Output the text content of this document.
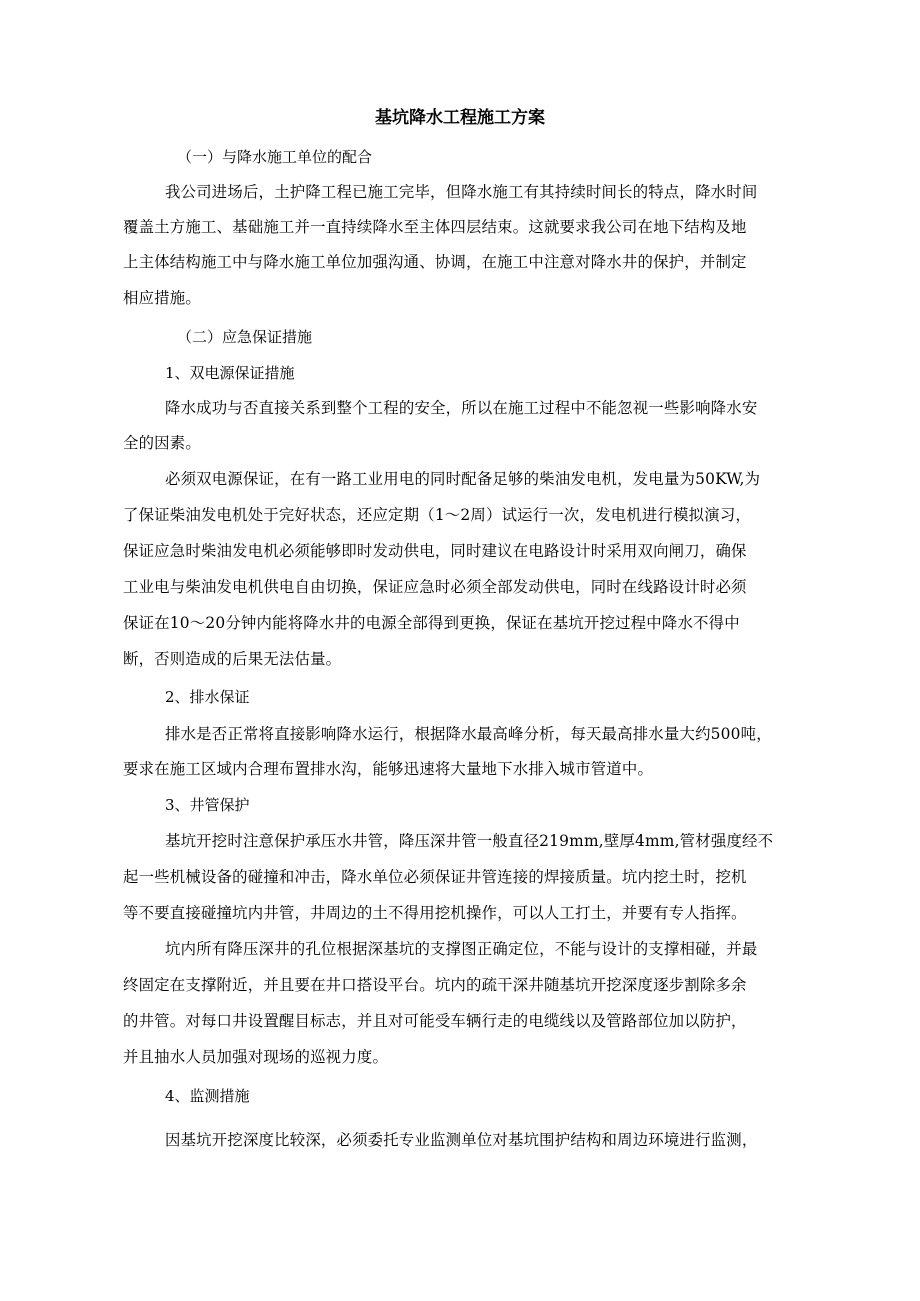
基坑降水工程施工方案
（一）与降水施工单位的配合
我公司进场后，土护降工程已施工完毕，但降水施工有其持续时间长的特点，降水时间
覆盖土方施工、基础施工并一直持续降水至主体四层结束。这就要求我公司在地下结构及地
上主体结构施工中与降水施工单位加强沟通、协调，在施工中注意对降水井的保护，并制定
相应措施。
（二）应急保证措施
1、双电源保证措施
降水成功与否直接关系到整个工程的安全，所以在施工过程中不能忽视一些影响降水安
全的因素。
必须双电源保证，在有一路工业用电的同时配备足够的柴油发电机，发电量为50KW,为
了保证柴油发电机处于完好状态，还应定期（1～2周）试运行一次，发电机进行模拟演习，
保证应急时柴油发电机必须能够即时发动供电，同时建议在电路设计时采用双向闸刀，确保
工业电与柴油发电机供电自由切换，保证应急时必须全部发动供电，同时在线路设计时必须
保证在10～20分钟内能将降水井的电源全部得到更换，保证在基坑开挖过程中降水不得中
断，否则造成的后果无法估量。
2、排水保证
排水是否正常将直接影响降水运行，根据降水最高峰分析，每天最高排水量大约500吨，
要求在施工区域内合理布置排水沟，能够迅速将大量地下水排入城市管道中。
3、井管保护
基坑开挖时注意保护承压水井管，降压深井管一般直径219mm,壁厚4mm,管材强度经不
起一些机械设备的碰撞和冲击，降水单位必须保证井管连接的焊接质量。坑内挖土时，挖机
等不要直接碰撞坑内井管，井周边的土不得用挖机操作，可以人工打土，并要有专人指挥。
坑内所有降压深井的孔位根据深基坑的支撑图正确定位，不能与设计的支撑相碰，并最
终固定在支撑附近，并且要在井口搭设平台。坑内的疏干深井随基坑开挖深度逐步割除多余
的井管。对每口井设置醒目标志，并且对可能受车辆行走的电缆线以及管路部位加以防护，
并且抽水人员加强对现场的巡视力度。
4、监测措施
因基坑开挖深度比较深，必须委托专业监测单位对基坑围护结构和周边环境进行监测，
